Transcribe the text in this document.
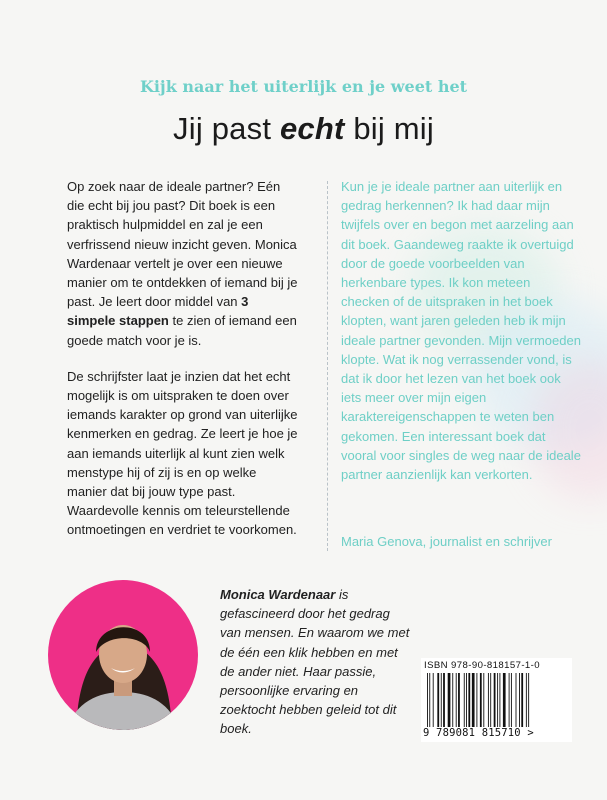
Kijk naar het uiterlijk en je weet het
Jij past echt bij mij

Op zoek naar de ideale partner? Eén die echt bij jou past? Dit boek is een praktisch hulpmiddel en zal je een verfrissend nieuw inzicht geven. Monica Wardenaar vertelt je over een nieuwe manier om te ontdekken of iemand bij je past. Je leert door middel van 3 simpele stappen te zien of iemand een goede match voor je is.

De schrijfster laat je inzien dat het echt mogelijk is om uitspraken te doen over iemands karakter op grond van uiterlijke kenmerken en gedrag. Ze leert je hoe je aan iemands uiterlijk al kunt zien welk menstype hij of zij is en op welke manier dat bij jouw type past. Waardevolle kennis om teleurstellende ontmoetingen en verdriet te voorkomen.

Kun je je ideale partner aan uiterlijk en gedrag herkennen? Ik had daar mijn twijfels over en begon met aarzeling aan dit boek. Gaandeweg raakte ik overtuigd door de goede voorbeelden van herkenbare types. Ik kon meteen checken of de uitspraken in het boek klopten, want jaren geleden heb ik mijn ideale partner gevonden. Mijn vermoeden klopte. Wat ik nog verrassender vond, is dat ik door het lezen van het boek ook iets meer over mijn eigen karaktereigenschappen te weten ben gekomen. Een interessant boek dat vooral voor singles de weg naar de ideale partner aanzienlijk kan verkorten.

Maria Genova, journalist en schrijver
Monica Wardenaar is gefascineerd door het gedrag van mensen. En waarom we met de één een klik hebben en met de ander niet. Haar passie, persoonlijke ervaring en zoektocht hebben geleid tot dit boek.
ISBN 978-90-818157-1-0
9 789081 815710 >
